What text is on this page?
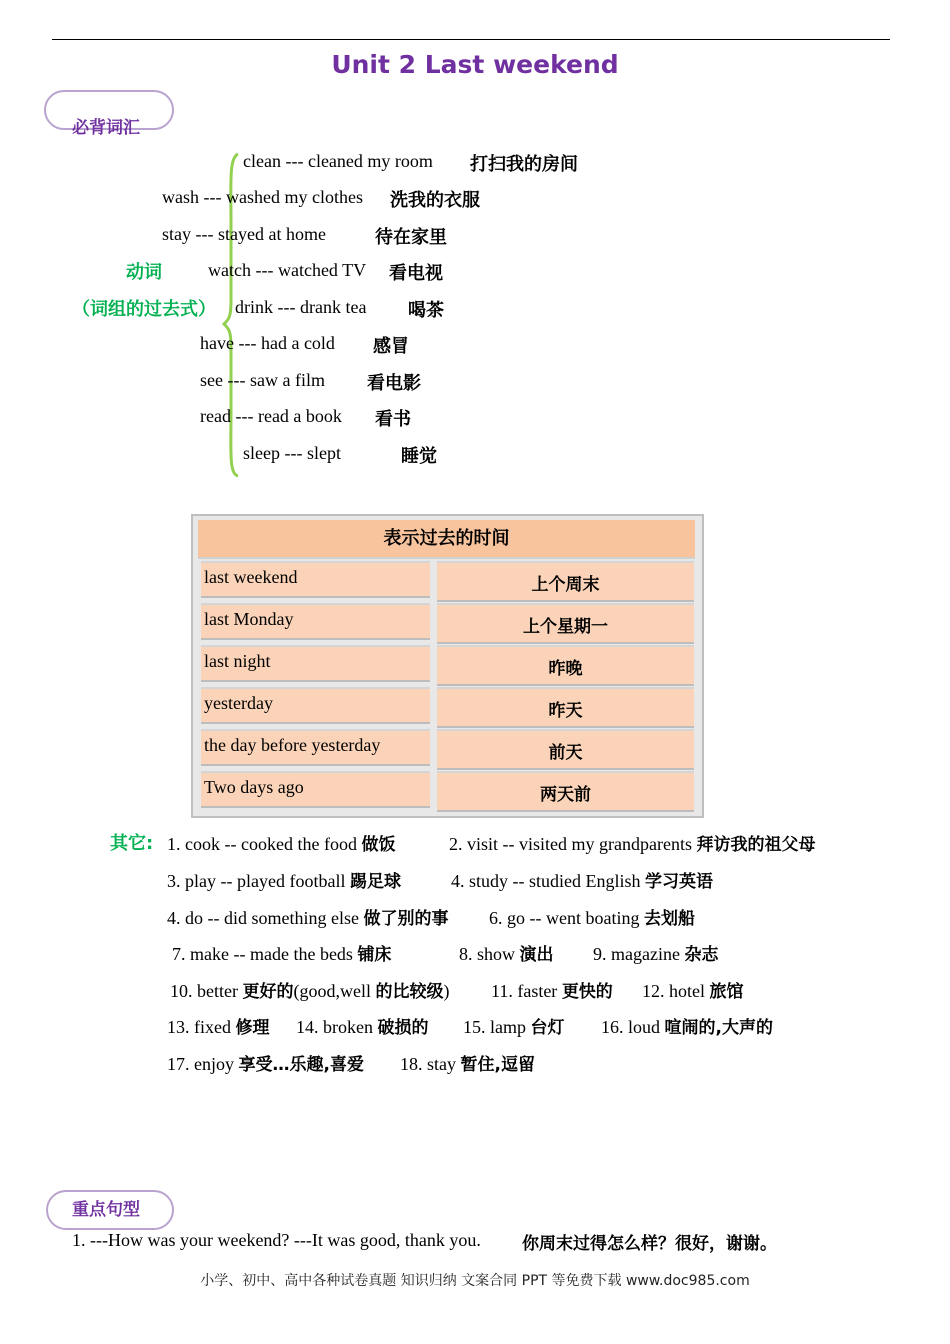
Unit 2 Last weekend
必背词汇
动词
（词组的过去式）
clean --- cleaned my room 打扫我的房间
wash --- washed my clothes 洗我的衣服
stay --- stayed at home	待在家里
watch --- watched TV 看电视
drink --- drank tea 喝茶
have --- had a cold 感冒
see --- saw a film 看电影
read --- read a book 看书
sleep --- slept	睡觉
表示过去的时间
last weekend	上个周末
last Monday	上个星期一
last night	昨晚
yesterday	昨天
the day before yesterday	前天
Two days ago	两天前
其它: 1. cook -- cooked the food 做饭	2. visit -- visited my grandparents 拜访我的祖父母
3. play -- played football 踢足球	4. study -- studied English 学习英语
4. do -- did something else 做了别的事 6. go -- went boating 去划船
7. make -- made the beds 铺床	8. show 演出 9. magazine 杂志
10. better 更好的(good,well 的比较级) 11. faster 更快的 12. hotel 旅馆
13. fixed 修理 14. broken 破损的 15. lamp 台灯 16. loud 喧闹的,大声的
17. enjoy 享受…乐趣,喜爱 18. stay 暂住,逗留
重点句型
1. ---How was your weekend? ---It was good, thank you. 你周末过得怎么样？很好，谢谢。
小学、初中、高中各种试卷真题 知识归纳 文案合同 PPT 等免费下载 www.doc985.com
